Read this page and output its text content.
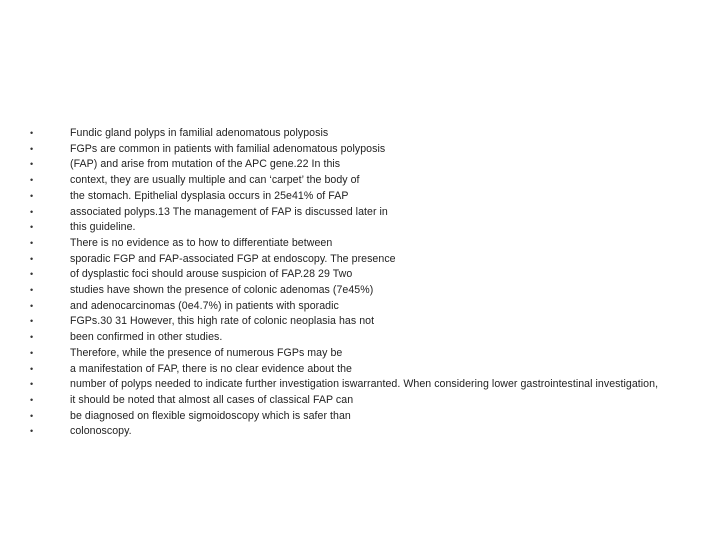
•	Fundic gland polyps in familial adenomatous polyposis
•	FGPs are common in patients with familial adenomatous polyposis
•	(FAP) and arise from mutation of the APC gene.22 In this
•	context, they are usually multiple and can ‘carpet’ the body of
•	the stomach. Epithelial dysplasia occurs in 25e41% of FAP
•	associated polyps.13 The management of FAP is discussed later in
•	this guideline.
•	There is no evidence as to how to differentiate between
•	sporadic FGP and FAP-associated FGP at endoscopy. The presence
•	of dysplastic foci should arouse suspicion of FAP.28 29 Two
•	studies have shown the presence of colonic adenomas (7e45%)
•	and adenocarcinomas (0e4.7%) in patients with sporadic
•	FGPs.30 31 However, this high rate of colonic neoplasia has not
•	been confirmed in other studies.
•	Therefore, while the presence of numerous FGPs may be
•	a manifestation of FAP, there is no clear evidence about the
•	number of polyps needed to indicate further investigation iswarranted. When considering lower gastrointestinal investigation,
•	it should be noted that almost all cases of classical FAP can
•	be diagnosed on flexible sigmoidoscopy which is safer than
•	colonoscopy.
